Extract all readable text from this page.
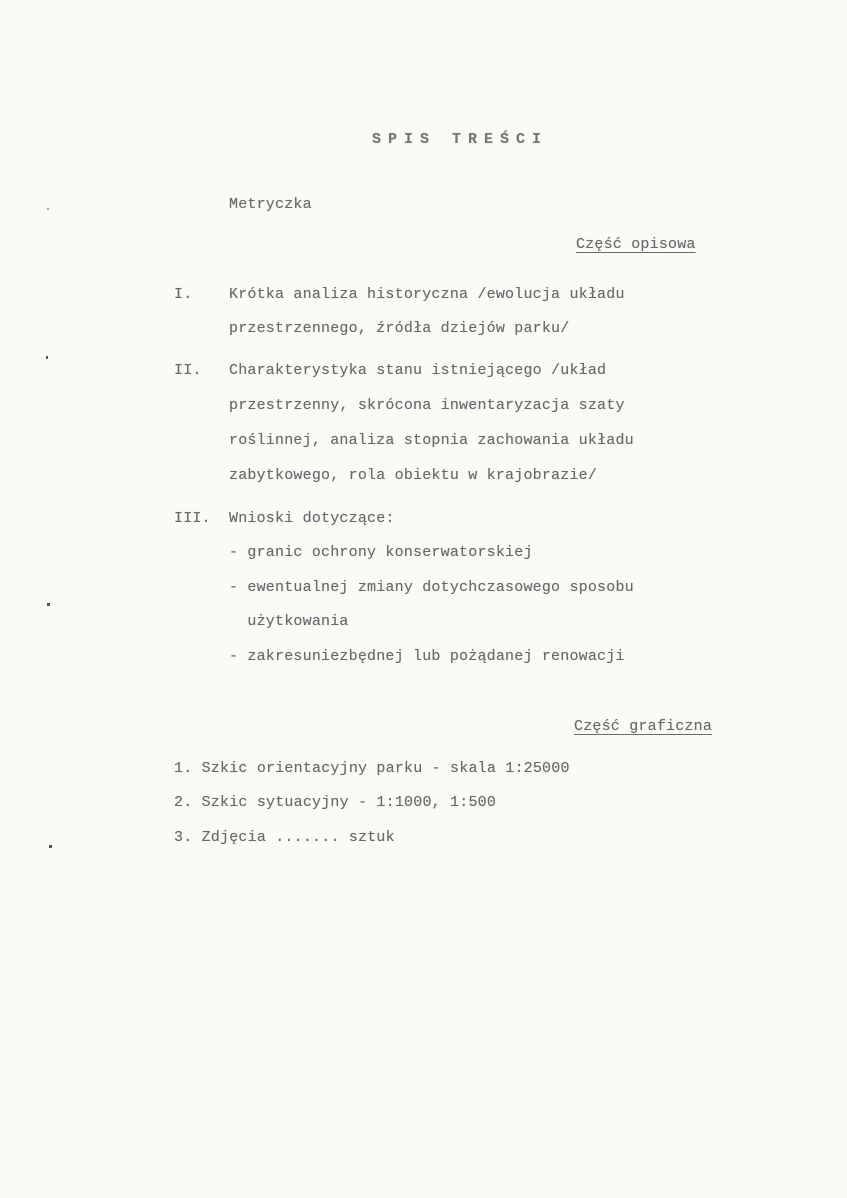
SPIS TREŚCI
Metryczka
Część opisowa
I. Krótka analiza historyczna /ewolucja układu
przestrzennego, źródła dziejów parku/
II. Charakterystyka stanu istniejącego /układ
przestrzenny, skrócona inwentaryzacja szaty
roślinnej, analiza stopnia zachowania układu
zabytkowego, rola obiektu w krajobrazie/
III. Wnioski dotyczące:
- granic ochrony konserwatorskiej
- ewentualnej zmiany dotychczasowego sposobu
użytkowania
- zakresuniezbędnej lub pożądanej renowacji
Część graficzna
1. Szkic orientacyjny parku - skala 1:25000
2. Szkic sytuacyjny - 1:1000, 1:500
3. Zdjęcia ....... sztuk
